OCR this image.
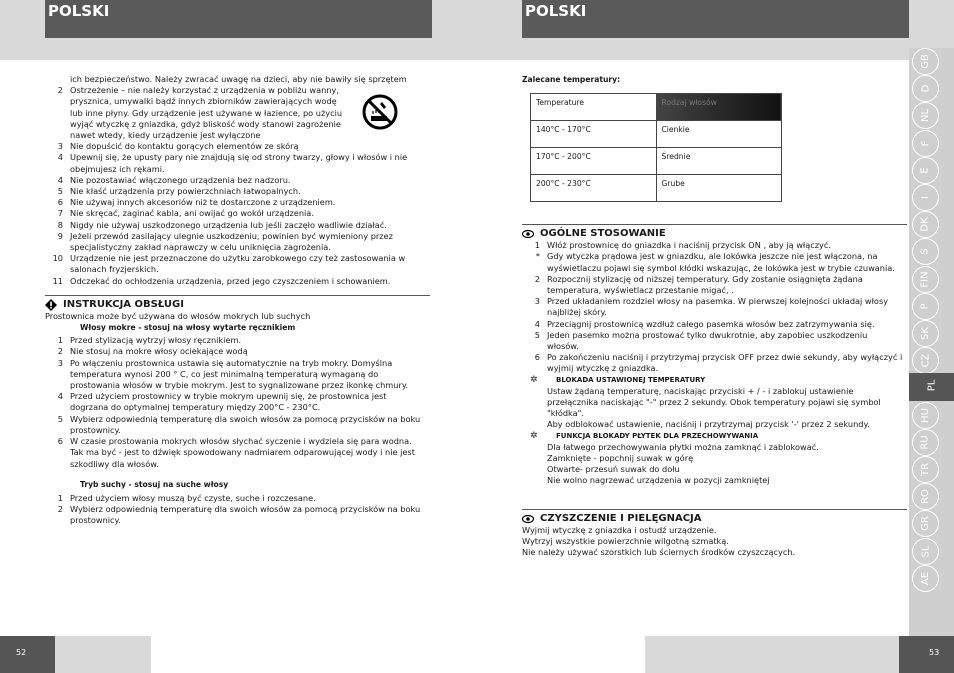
POLSKI	POLSKI
ich bezpieczeństwo. Należy zwracać uwagę na dzieci, aby nie bawiły się sprzętem
2 Ostrzeżenie – nie należy korzystać z urządzenia w pobliżu wanny,
prysznica, umywalki bądź innych zbiorników zawierających wodę
lub inne płyny. Gdy urządzenie jest używane w łazience, po użyciu
wyjąć wtyczkę z gniazdka, gdyż bliskość wody stanowi zagrożenie
nawet wtedy, kiedy urządzenie jest wyłączone
3 Nie dopuścić do kontaktu gorących elementów ze skórą
4 Upewnij się, że upusty pary nie znajdują się od strony twarzy, głowy i włosów i nie
obejmujesz ich rękami.
4 Nie pozostawiać włączonego urządzenia bez nadzoru.
5 Nie kłaść urządzenia przy powierzchniach łatwopalnych.
6 Nie używaj innych akcesoriów niż te dostarczone z urządzeniem.
7 Nie skręcać, zaginać kabla, ani owijać go wokół urządzenia.
8 Nigdy nie używaj uszkodzonego urządzenia lub jeśli zaczęło wadliwie działać.
9 Jeżeli przewód zasilający ulegnie uszkodzeniu, powinien być wymieniony przez
specjalistyczny zakład naprawczy w celu uniknięcia zagrożenia.
10 Urządzenie nie jest przeznaczone do użytku zarobkowego czy też zastosowania w
salonach fryzjerskich.
11 Odczekać do ochłodzenia urządzenia, przed jego czyszczeniem i schowaniem.
INSTRUKCJA OBSŁUGI
Prostownica może być używana do włosów mokrych lub suchych
Włosy mokre - stosuj na włosy wytarte ręcznikiem
1 Przed stylizacją wytrzyj włosy ręcznikiem.
2 Nie stosuj na mokre włosy ociekające wodą
3 Po włączeniu prostownica ustawia się automatycznie na tryb mokry. Domyślna
temperatura wynosi 200 ° C, co jest minimalną temperaturą wymaganą do
prostowania włosów w trybie mokrym. Jest to sygnalizowane przez ikonkę chmury.
4 Przed użyciem prostownicy w trybie mokrym upewnij się, że prostownica jest
dogrzana do optymalnej temperatury między 200°C - 230°C.
5 Wybierz odpowiednią temperaturę dla swoich włosów za pomocą przycisków na boku
prostownicy.
6 W czasie prostowania mokrych włosów słychać syczenie i wydziela się para wodna.
Tak ma być - jest to dźwięk spowodowany nadmiarem odparowującej wody i nie jest
szkodliwy dla włosów.
Tryb suchy - stosuj na suche włosy
1 Przed użyciem włosy muszą być czyste, suche i rozczesane.
2 Wybierz odpowiednią temperaturę dla swoich włosów za pomocą przycisków na boku
prostownicy.
Zalecane temperatury:
Temperature	Rodzaj włosów
140°C - 170°C	Cienkie
170°C - 200°C	Średnie
200°C - 230°C	Grube
OGÓLNE STOSOWANIE
1 Włóż prostownicę do gniazdka i naciśnij przycisk ON , aby ją włączyć.
* Gdy wtyczka prądowa jest w gniazdku, ale lokówka jeszcze nie jest włączona, na
wyświetlaczu pojawi się symbol kłódki wskazując, że lokówka jest w trybie czuwania.
2 Rozpocznij stylizację od niższej temperatury. Gdy zostanie osiągnięta żądana
temperatura, wyświetlacz przestanie migać, .
3 Przed układaniem rozdziel włosy na pasemka. W pierwszej kolejności układaj włosy
najbliżej skóry.
4 Przeciągnij prostownicą wzdłuż całego pasemka włosów bez zatrzymywania się.
5 Jeden pasemko można prostować tylko dwukrotnie, aby zapobiec uszkodzeniu
włosów.
6 Po zakończeniu naciśnij i przytrzymaj przycisk OFF przez dwie sekundy, aby wyłączyć i
wyjmij wtyczkę z gniazdka.
✲	BLOKADA USTAWIONEJ TEMPERATURY
Ustaw żądaną temperaturę, naciskając przyciski + / - i zablokuj ustawienie
przełącznika naciskając "-" przez 2 sekundy. Obok temperatury pojawi się symbol
"kłódka".
Aby odblokować ustawienie, naciśnij i przytrzymaj przycisk '-' przez 2 sekundy.
✲	FUNKCJA BLOKADY PŁYTEK DLA PRZECHOWYWANIA
Dla łatwego przechowywania płytki można zamknąć i zablokować.
Zamknięte - popchnij suwak w górę
Otwarte- przesuń suwak do dołu
Nie wolno nagrzewać urządzenia w pozycji zamkniętej
CZYSZCZENIE I PIELĘGNACJA
Wyjmij wtyczkę z gniazdka i ostudź urządzenie.
Wytrzyj wszystkie powierzchnie wilgotną szmatką.
Nie należy używać szorstkich lub ściernych środków czyszczących.
GB
D
NL
F
E
I
DK
S
FIN
P
SK
CZ
PL
HU
RU
TR
RO
GR
SL
AE
52	53
